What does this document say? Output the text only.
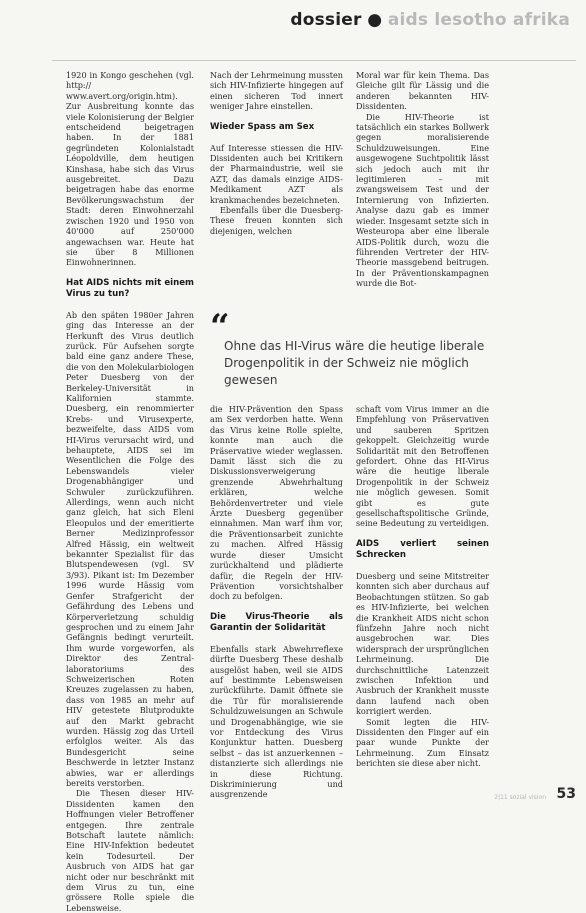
dossier ● aids lesotho afrika

1920 in Kongo geschehen (vgl. http:// www.avert.org/origin.htm). Zur Ausbreitung konnte das viele Kolonisierung der Belgier entscheidend beigetragen haben. In der 1881 gegründeten Kolonialstadt Léopoldville, dem heutigen Kinshasa, habe sich das Virus ausgebreitet. Dazu beigetragen habe das enorme Bevölkerungswachstum der Stadt: deren Einwohnerzahl zwischen 1920 und 1950 von 40'000 auf 250'000 angewachsen war. Heute hat sie über 8 Millionen Einwohnerinnen.

Hat AIDS nichts mit einem Virus zu tun?

Ab den späten 1980er Jahren ging das Interesse an der Herkunft des Virus deutlich zurück. Für Aufsehen sorgte bald eine ganz andere These, die von den Molekularbiologen Peter Duesberg von der Berkeley-Universität in Kalifornien stammte. Duesberg, ein renommierter Krebs- und Virusexperte, bezweifelte, dass AIDS vom HI-Virus verursacht wird, und behauptete, AIDS sei im Wesentlichen die Folge des Lebenswandels vieler Drogenabhängiger und Schwuler zurückzuführen. Allerdings, wenn auch nicht ganz gleich, hat sich Eleni Eleopulos und der emeritierte Berner Medizinprofessor Alfred Hässig, ein weltweit bekannter Spezialist für das Blutspendewesen (vgl. SV 3/93). Pikant ist: Im Dezember 1996 wurde Hässig vom Genfer Strafgericht der Gefährdung des Lebens und Körperverletzung schuldig gesprochen und zu einem Jahr Gefängnis bedingt verurteilt. Ihm wurde vorgeworfen, als Direktor des Zentral-laboratoriums des Schweizerischen Roten Kreuzes zugelassen zu haben, dass von 1985 an mehr auf HIV getestete Blutprodukte auf den Markt gebracht wurden. Hässig zog das Urteil erfolglos weiter. Als das Bundesgericht seine Beschwerde in letzter Instanz abwies, war er allerdings bereits verstorben.

Die Thesen dieser HIV-Dissidenten kamen den Hoffnungen vieler Betroffener entgegen. Ihre zentrale Botschaft lautete nämlich: Eine HIV-Infektion bedeutet kein Todesurteil. Der Ausbruch von AIDS hat gar nicht oder nur beschränkt mit dem Virus zu tun, eine grössere Rolle spiele die Lebensweise.

Nach der Lehrmeinung mussten sich HIV-Infizierte hingegen auf einen sicheren Tod innert weniger Jahre einstellen.

Wieder Spass am Sex

Auf Interesse stiessen die HIV-Dissidenten auch bei Kritikern der Pharmaindustrie, weil sie AZT, das damals einzige AIDS-Medikament AZT als krankmachendes bezeichneten.

Ebenfalls über die Duesberg-These freuen konnten sich diejenigen, welchen

Moral war für kein Thema. Das Gleiche gilt für Lässig und die anderen bekannten HIV-Dissidenten.

Die HIV-Theorie ist tatsächlich ein starkes Bollwerk gegen moralisierende Schuldzuweisungen. Eine ausgewogene Suchtpolitik lässt sich jedoch auch mit ihr legitimieren – mit zwangsweisem Test und der Internierung von Infizierten. Analyse dazu gab es immer wieder. Insgesamt setzte sich in Westeuropa aber eine liberale AIDS-Politik durch, wozu die führenden Vertreter der HIV-Theorie massgebend beitrugen. In der Präventionskampagnen wurde die Bot-

“
Ohne das HI-Virus wäre die heutige liberale Drogenpolitik in der Schweiz nie möglich gewesen

die HIV-Prävention den Spass am Sex verdorben hatte. Wenn das Virus keine Rolle spielte, konnte man auch die Präservative wieder weglassen. Damit lässt sich die zu Diskussionsverweigerung grenzende Abwehrhaltung erklären, welche Behördenvertreter und viele Ärzte Duesberg gegenüber einnahmen. Man warf ihm vor, die Präventionsarbeit zunichte zu machen. Alfred Hässig wurde dieser Umsicht zurückhaltend und plädierte dafür, die Regeln der HIV-Prävention vorsichtshalber doch zu befolgen.

Die Virus-Theorie als Garantin der Solidarität

Ebenfalls stark Abwehrreflexe dürfte Duesberg These deshalb ausgelöst haben, weil sie AIDS auf bestimmte Lebensweisen zurückführte. Damit öffnete sie die Tür für moralisierende Schuldzuweisungen an Schwule und Drogenabhängige, wie sie vor Entdeckung des Virus Konjunktur hatten. Duesberg selbst – das ist anzuerkennen – distanzierte sich allerdings nie in diese Richtung. Diskriminierung und ausgrenzende

schaft vom Virus immer an die Empfehlung von Präservativen und sauberen Spritzen gekoppelt. Gleichzeitig wurde Solidarität mit den Betroffenen gefordert. Ohne das HI-Virus wäre die heutige liberale Drogenpolitik in der Schweiz nie möglich gewesen. Somit gibt es gute gesellschaftspolitische Gründe, seine Bedeutung zu verteidigen.

AIDS verliert seinen Schrecken

Duesberg und seine Mitstreiter konnten sich aber durchaus auf Beobachtungen stützen. So gab es HIV-Infizierte, bei welchen die Krankheit AIDS nicht schon fünfzehn Jahre noch nicht ausgebrochen war. Dies widersprach der ursprünglichen Lehrmeinung. Die durchschnittliche Latenzzeit zwischen Infektion und Ausbruch der Krankheit musste dann laufend nach oben korrigiert werden.

Somit legten die HIV-Dissidenten den Finger auf ein paar wunde Punkte der Lehrmeinung. Zum Einsatz berichten sie diese aber nicht.

2|11 sozial vision 53
